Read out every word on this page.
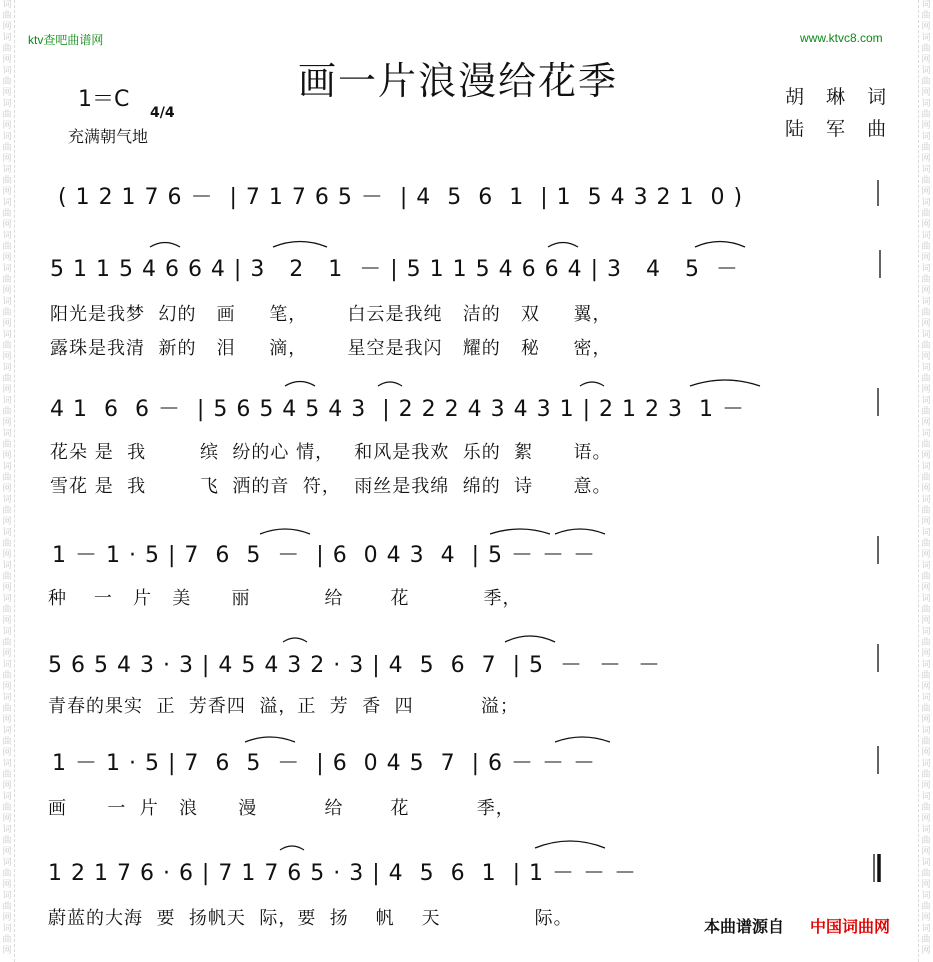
词
曲
网
词
曲
网
词
曲
网
词
曲
网
词
曲
网
词
曲
网
词
曲
网
词
曲
网
词
曲
网
词
曲
网
词
曲
网
词
曲
网
词
曲
网
词
曲
网
词
曲
网
词
曲
网
词
曲
网
词
曲
网
词
曲
网
词
曲
网
词
曲
网
词
曲
网
词
曲
网
词
曲
网
词
曲
网
词
曲
网
词
曲
网
词
曲
网
词
曲
网
词
曲
网
词
曲
网
词
曲
网
词
曲
网
词
曲
网
词
曲
网
词
曲
网
词
曲
网
词
曲
网
词
曲
网
词
曲
网
词
曲
网
词
曲
网
词
曲
网
词
曲
网
词
曲
网
词
曲
网
词
曲
网
词
曲
网
词
曲
网
词
曲
网
词
曲
网
词
曲
网
词
曲
网
词
曲
网
词
曲
网
词
曲
网
词
曲
网
词
曲
网
ktv查吧曲谱网	www.ktvc8.com
画一片浪漫给花季
1＝C

4/4

充满朝气地
胡 琳 词
陆 军 曲
( 1 2 1 7 6 －  | 7 1 7 6 5 －  | 4  5  6  1  | 1  5 4 3 2 1  0 )
5 1 1 5 4 6 6 4 | 3   2   1  － | 5 1 1 5 4 6 6 4 | 3   4   5  －
阳光是我梦  幻的   画     笔，      白云是我纯   洁的   双     翼，
露珠是我清  新的   泪     滴，      星空是我闪   耀的   秘     密，
4 1  6  6 －  | 5 6 5 4 5 4 3  | 2 2 2 4 3 4 3 1 | 2 1 2 3  1 －
花朵 是  我        缤  纷的心 情，   和风是我欢  乐的  絮      语。
雪花 是  我        飞  洒的音  符，  雨丝是我绵  绵的  诗      意。
1 － 1 · 5 | 7  6  5  －  | 6  0 4 3  4  | 5 － － －
种    一   片   美      丽           给       花           季，
5 6 5 4 3 · 3 | 4 5 4 3 2 · 3 | 4  5  6  7  | 5  －  －  －
青春的果实  正  芳香四  溢，正  芳  香  四          溢；
1 － 1 · 5 | 7  6  5  －  | 6  0 4 5  7  | 6 － － －
画      一  片   浪      漫          给       花          季，
1 2 1 7 6 · 6 | 7 1 7 6 5 · 3 | 4  5  6  1  | 1 － － －
蔚蓝的大海  要  扬帆天  际，要  扬    帆    天              际。	本曲谱源自 中国词曲网
